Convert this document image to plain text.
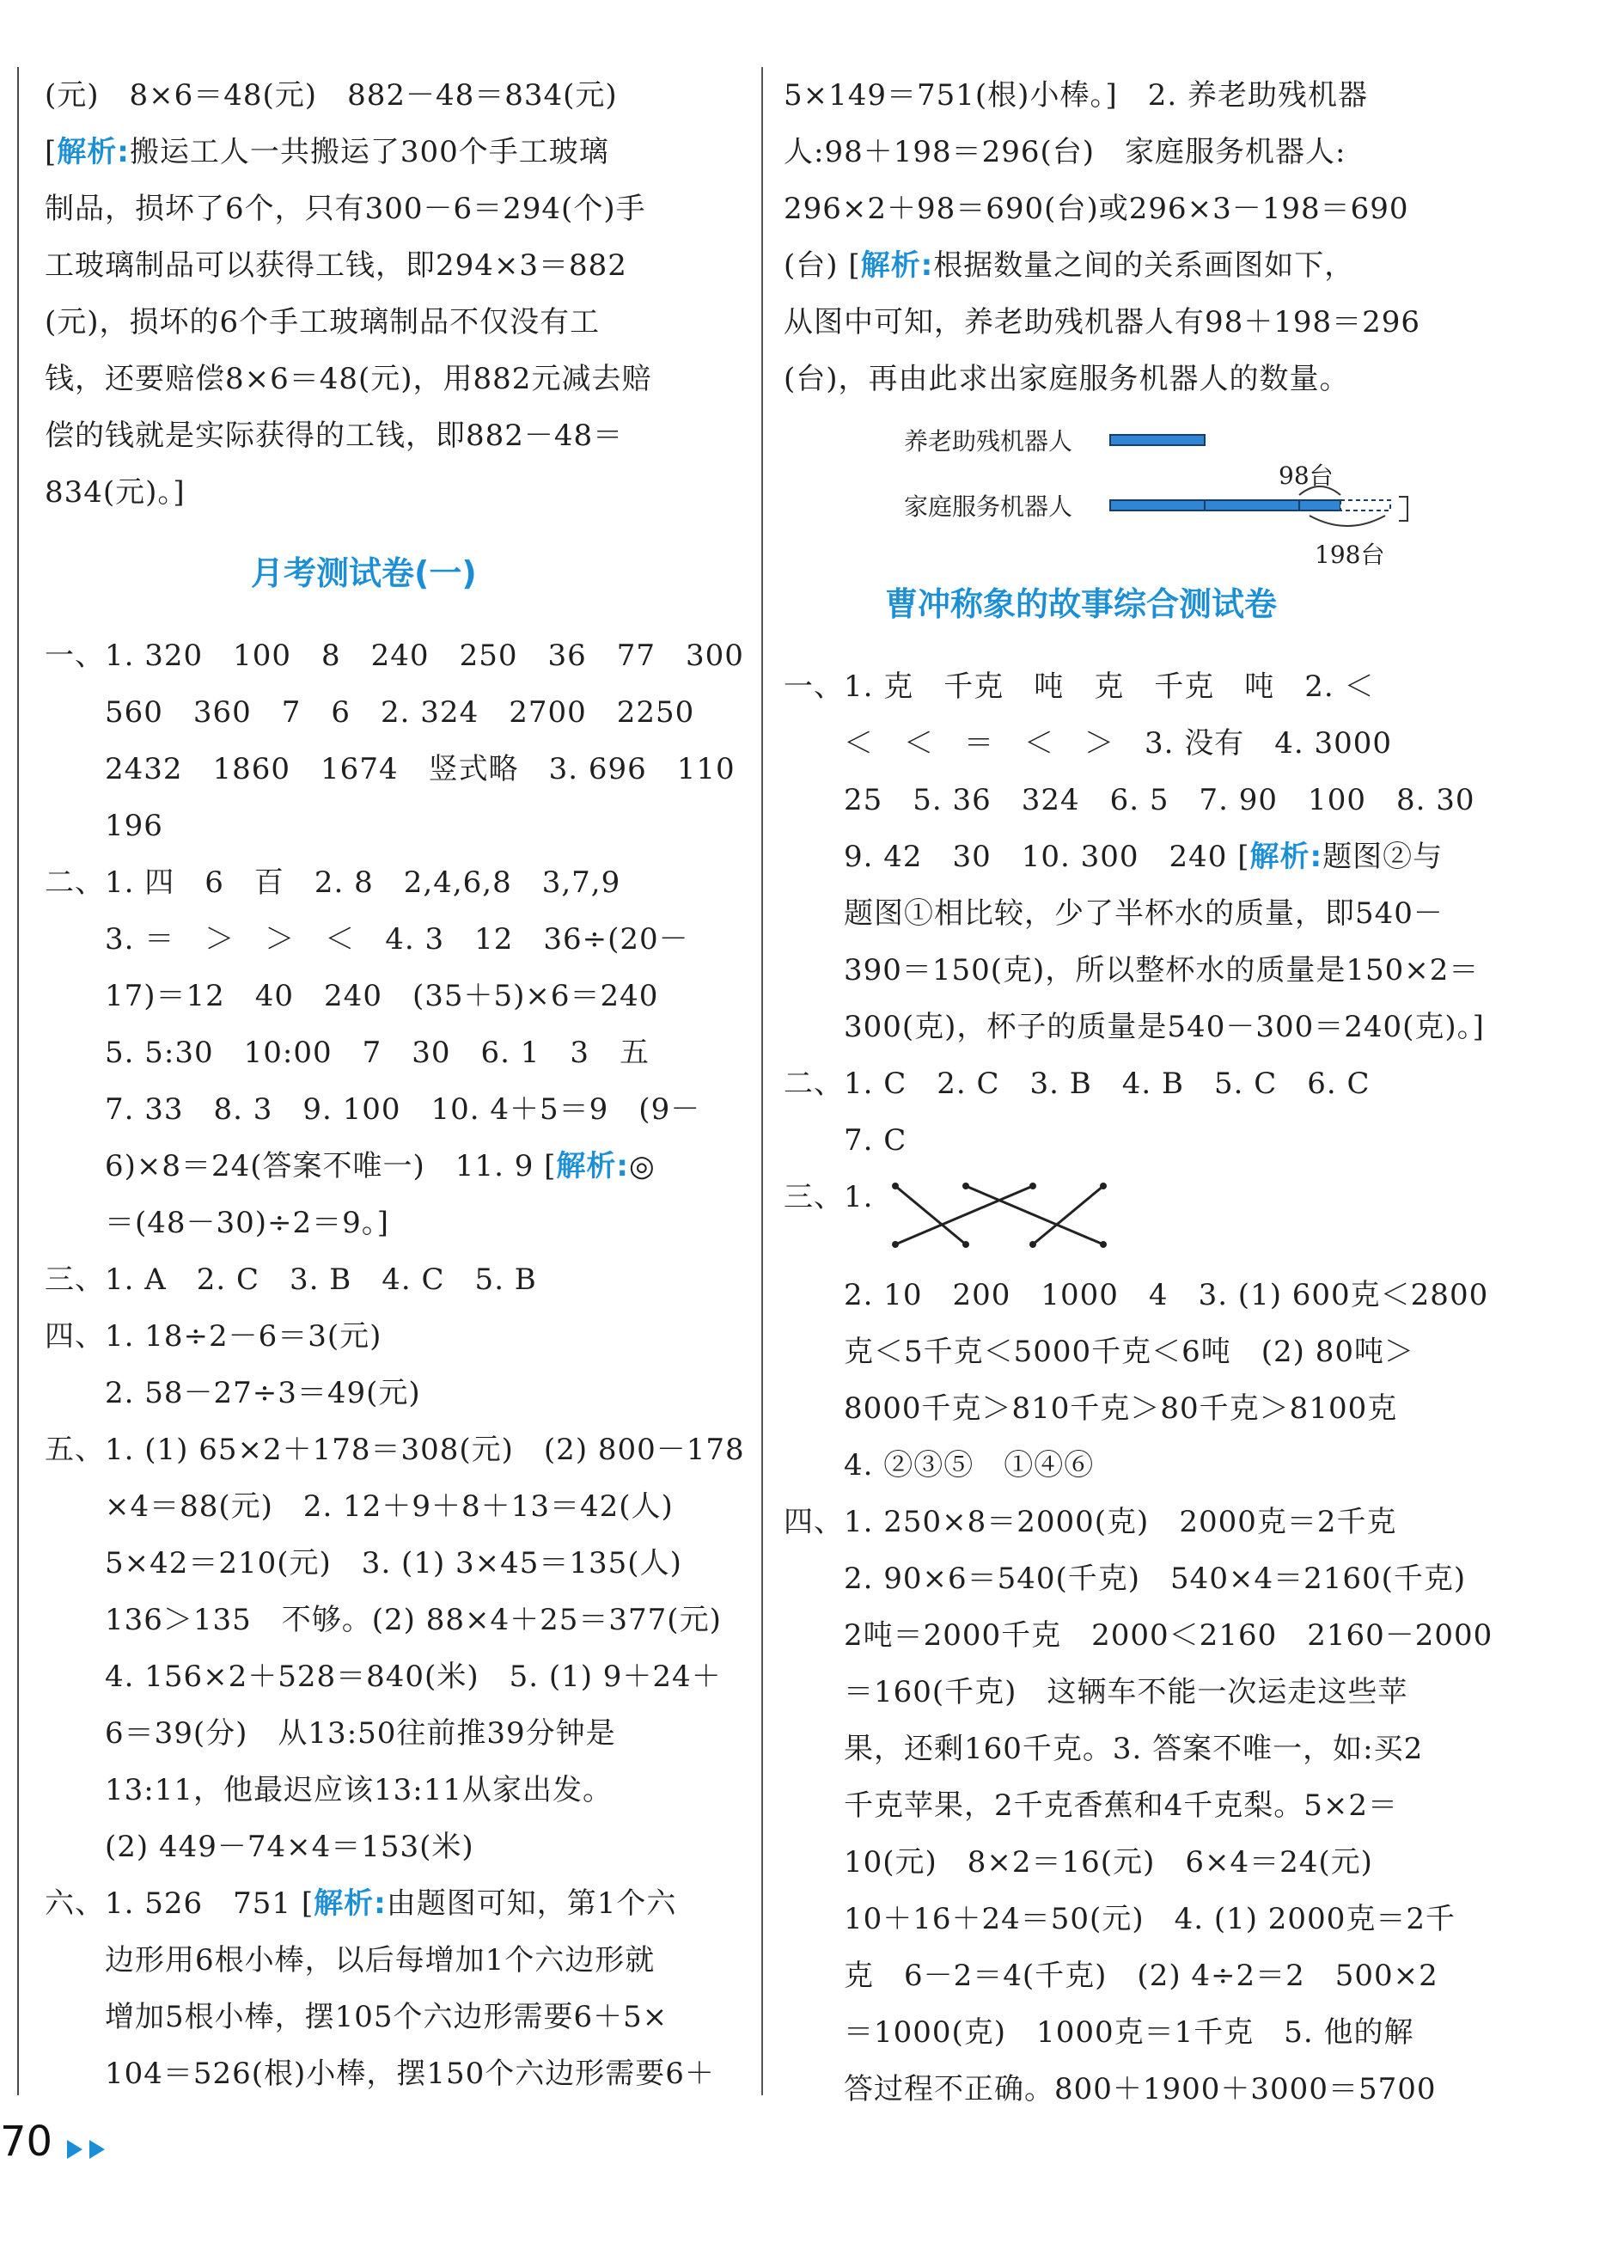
(元)　8×6＝48(元)　882－48＝834(元)
[解析:搬运工人一共搬运了300个手工玻璃
制品，损坏了6个，只有300－6＝294(个)手
工玻璃制品可以获得工钱，即294×3＝882
(元)，损坏的6个手工玻璃制品不仅没有工
钱，还要赔偿8×6＝48(元)，用882元减去赔
偿的钱就是实际获得的工钱，即882－48＝
834(元)。]
月考测试卷(一)
一、1. 320　100　8　240　250　36　77　300
　　560　360　7　6　2. 324　2700　2250
　　2432　1860　1674　竖式略　3. 696　110
　　196
二、1. 四　6　百　2. 8　2,4,6,8　3,7,9
　　3. ＝　＞　＞　＜　4. 3　12　36÷(20－
　　17)＝12　40　240　(35＋5)×6＝240
　　5. 5:30　10:00　7　30　6. 1　3　五
　　7. 33　8. 3　9. 100　10. 4＋5＝9　(9－
　　6)×8＝24(答案不唯一)　11. 9 [解析:◎
　　＝(48－30)÷2＝9。]
三、1. A　2. C　3. B　4. C　5. B
四、1. 18÷2－6＝3(元)
　　2. 58－27÷3＝49(元)
五、1. (1) 65×2＋178＝308(元)　(2) 800－178
　　×4＝88(元)　2. 12＋9＋8＋13＝42(人)
　　5×42＝210(元)　3. (1) 3×45＝135(人)
　　136＞135　不够。(2) 88×4＋25＝377(元)
　　4. 156×2＋528＝840(米)　5. (1) 9＋24＋
　　6＝39(分)　从13:50往前推39分钟是
　　13:11，他最迟应该13:11从家出发。
　　(2) 449－74×4＝153(米)
六、1. 526　751 [解析:由题图可知，第1个六
　　边形用6根小棒，以后每增加1个六边形就
　　增加5根小棒，摆105个六边形需要6＋5×
　　104＝526(根)小棒，摆150个六边形需要6＋
5×149＝751(根)小棒。]　2. 养老助残机器
人:98＋198＝296(台)　家庭服务机器人:
296×2＋98＝690(台)或296×3－198＝690
(台) [解析:根据数量之间的关系画图如下，
从图中可知，养老助残机器人有98＋198＝296
(台)，再由此求出家庭服务机器人的数量。
养老助残机器人
家庭服务机器人
98台
198台
曹冲称象的故事综合测试卷
一、1. 克　千克　吨　克　千克　吨　2. ＜
　　＜　＜　＝　＜　＞　3. 没有　4. 3000
　　25　5. 36　324　6. 5　7. 90　100　8. 30
　　9. 42　30　10. 300　240 [解析:题图②与
　　题图①相比较，少了半杯水的质量，即540－
　　390＝150(克)，所以整杯水的质量是150×2＝
　　300(克)，杯子的质量是540－300＝240(克)。]
二、1. C　2. C　3. B　4. B　5. C　6. C
　　7. C
三、1.
　　2. 10　200　1000　4　3. (1) 600克＜2800
　　克＜5千克＜5000千克＜6吨　(2) 80吨＞
　　8000千克＞810千克＞80千克＞8100克
　　4. ②③⑤　①④⑥
四、1. 250×8＝2000(克)　2000克＝2千克
　　2. 90×6＝540(千克)　540×4＝2160(千克)
　　2吨＝2000千克　2000＜2160　2160－2000
　　＝160(千克)　这辆车不能一次运走这些苹
　　果，还剩160千克。3. 答案不唯一，如:买2
　　千克苹果，2千克香蕉和4千克梨。5×2＝
　　10(元)　8×2＝16(元)　6×4＝24(元)
　　10＋16＋24＝50(元)　4. (1) 2000克＝2千
　　克　6－2＝4(千克)　(2) 4÷2＝2　500×2
　　＝1000(克)　1000克＝1千克　5. 他的解
　　答过程不正确。800＋1900＋3000＝5700
70
